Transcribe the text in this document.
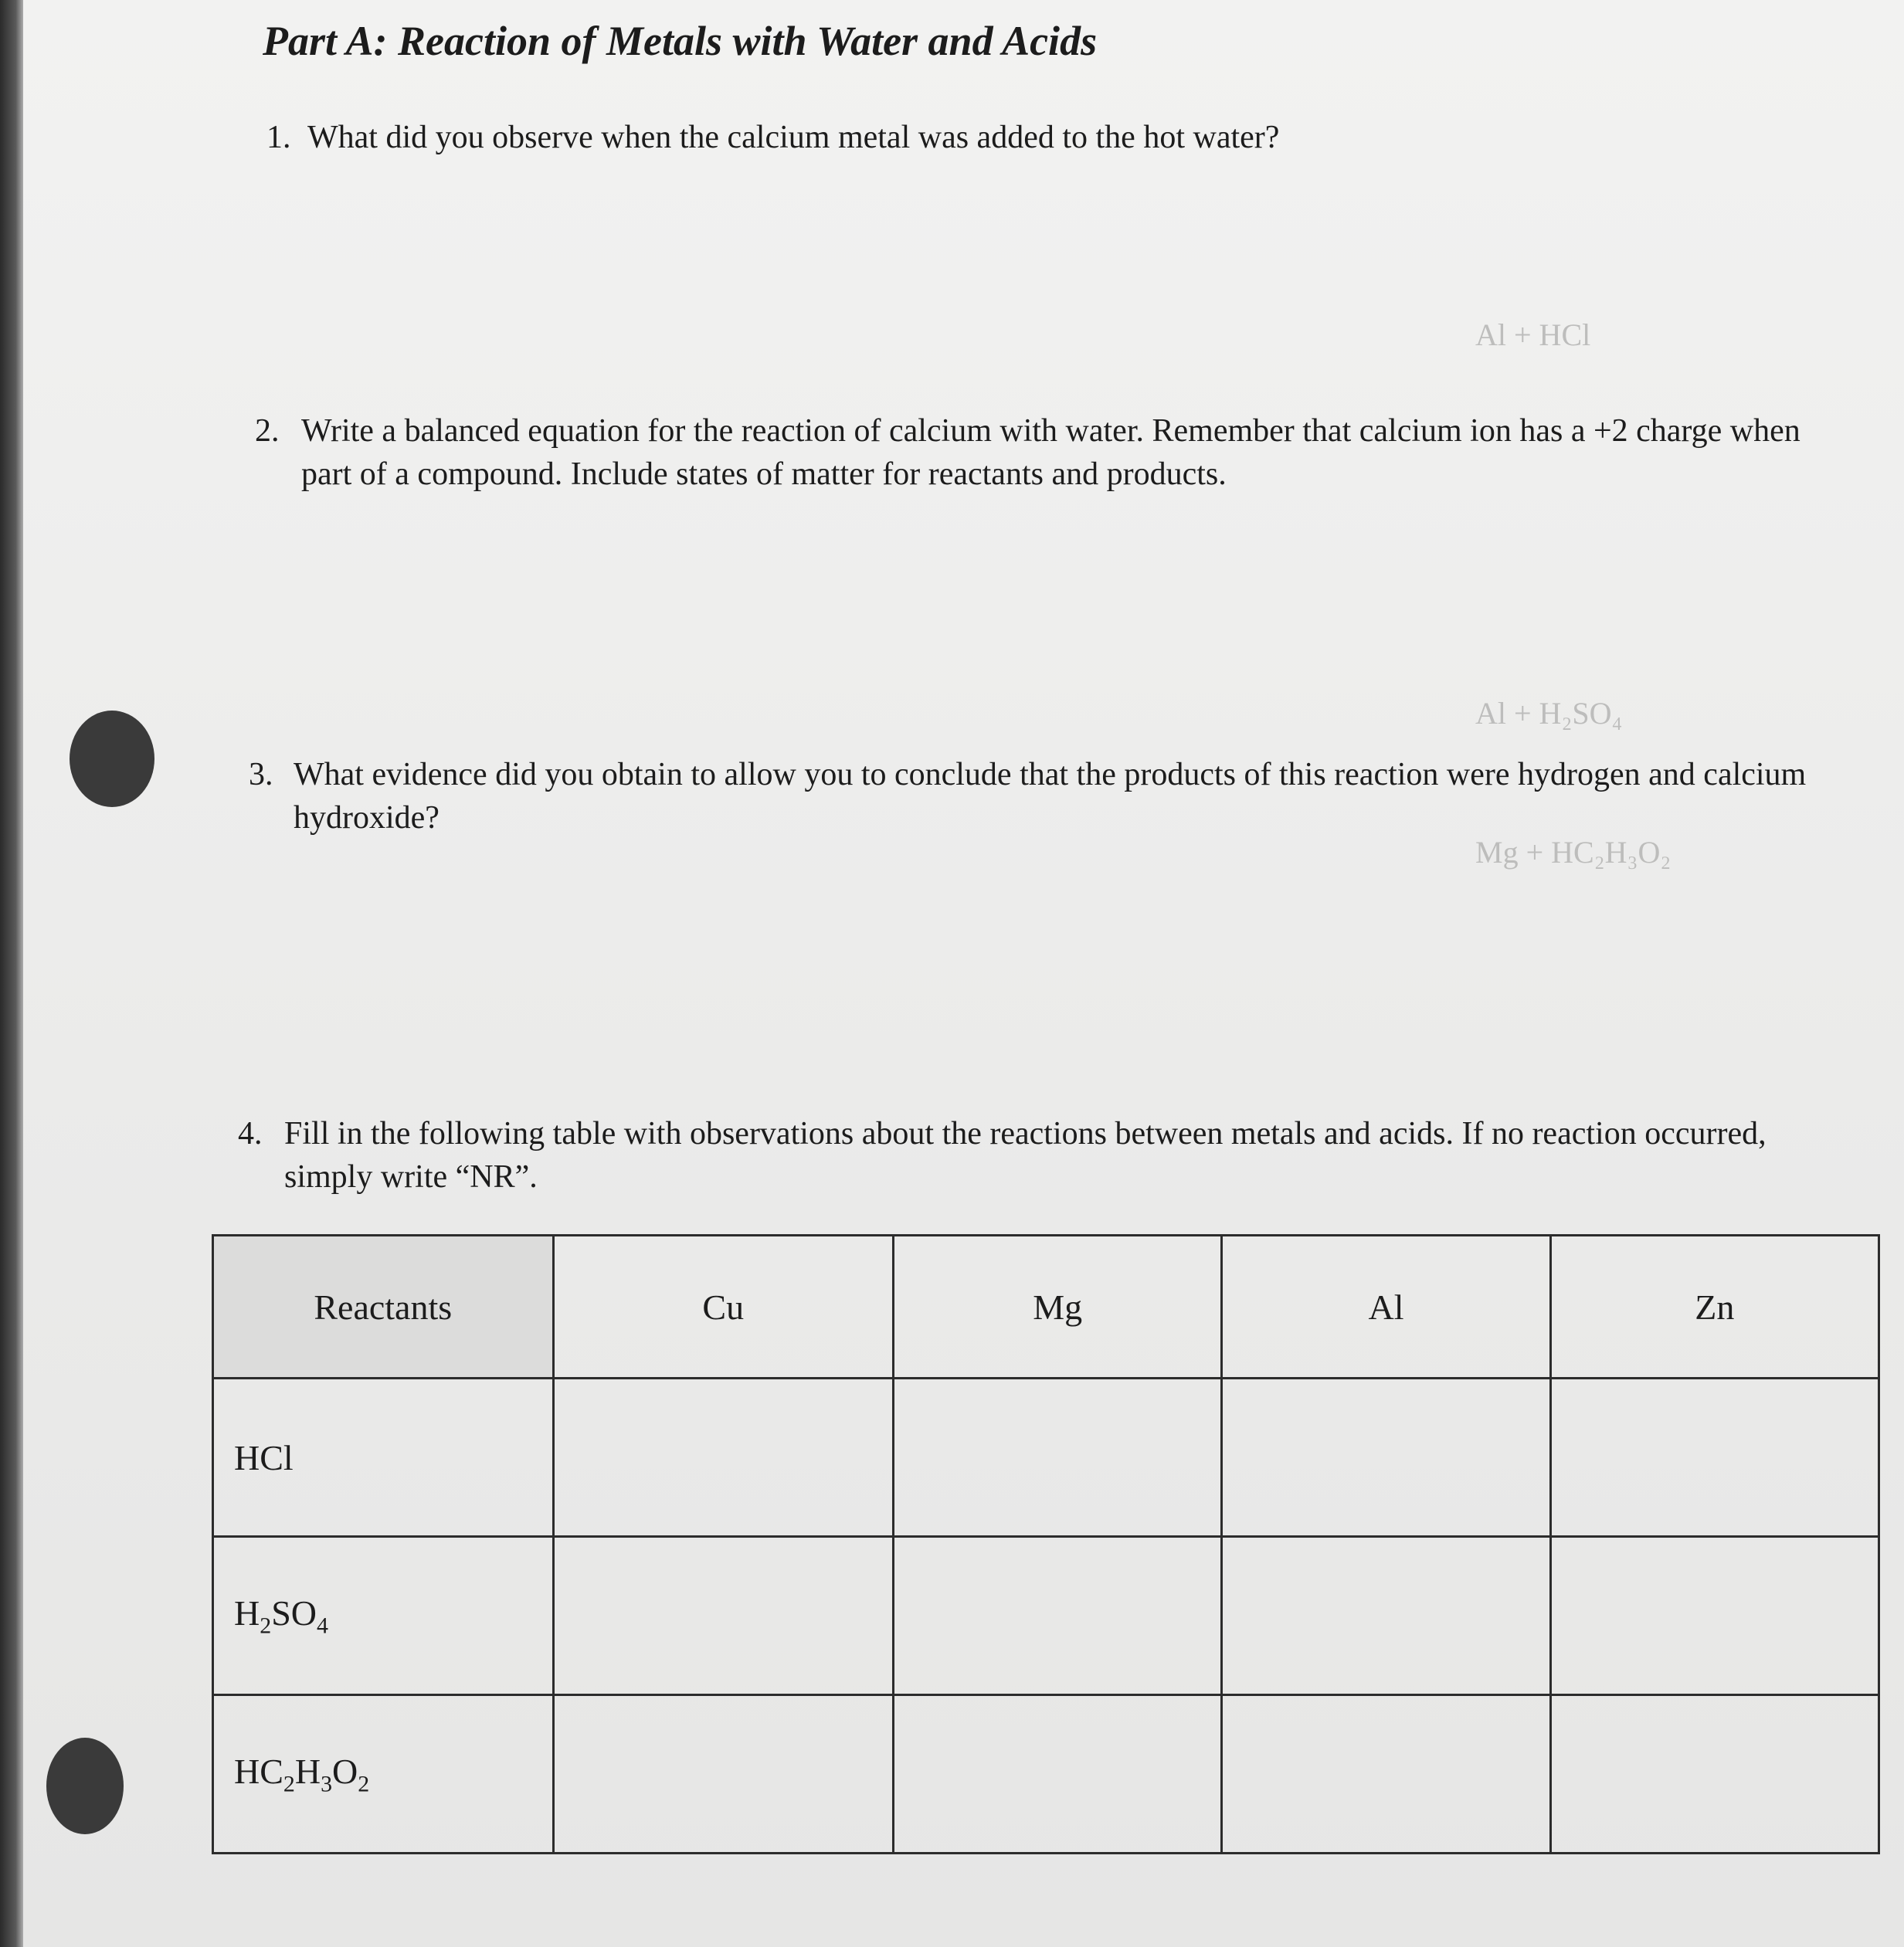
Al + HCl
Al + H₂SO₄
Mg + HC₂H₃O₂
Part A: Reaction of Metals with Water and Acids
1. What did you observe when the calcium metal was added to the hot water?
2. Write a balanced equation for the reaction of calcium with water. Remember that calcium ion has a +2 charge when part of a compound. Include states of matter for reactants and products.
3. What evidence did you obtain to allow you to conclude that the products of this reaction were hydrogen and calcium hydroxide?
4. Fill in the following table with observations about the reactions between metals and acids. If no reaction occurred, simply write “NR”.
Reactants	Cu	Mg	Al	Zn
HCl				
$H_2SO_4$				
$HC_2H_3O_2$				
